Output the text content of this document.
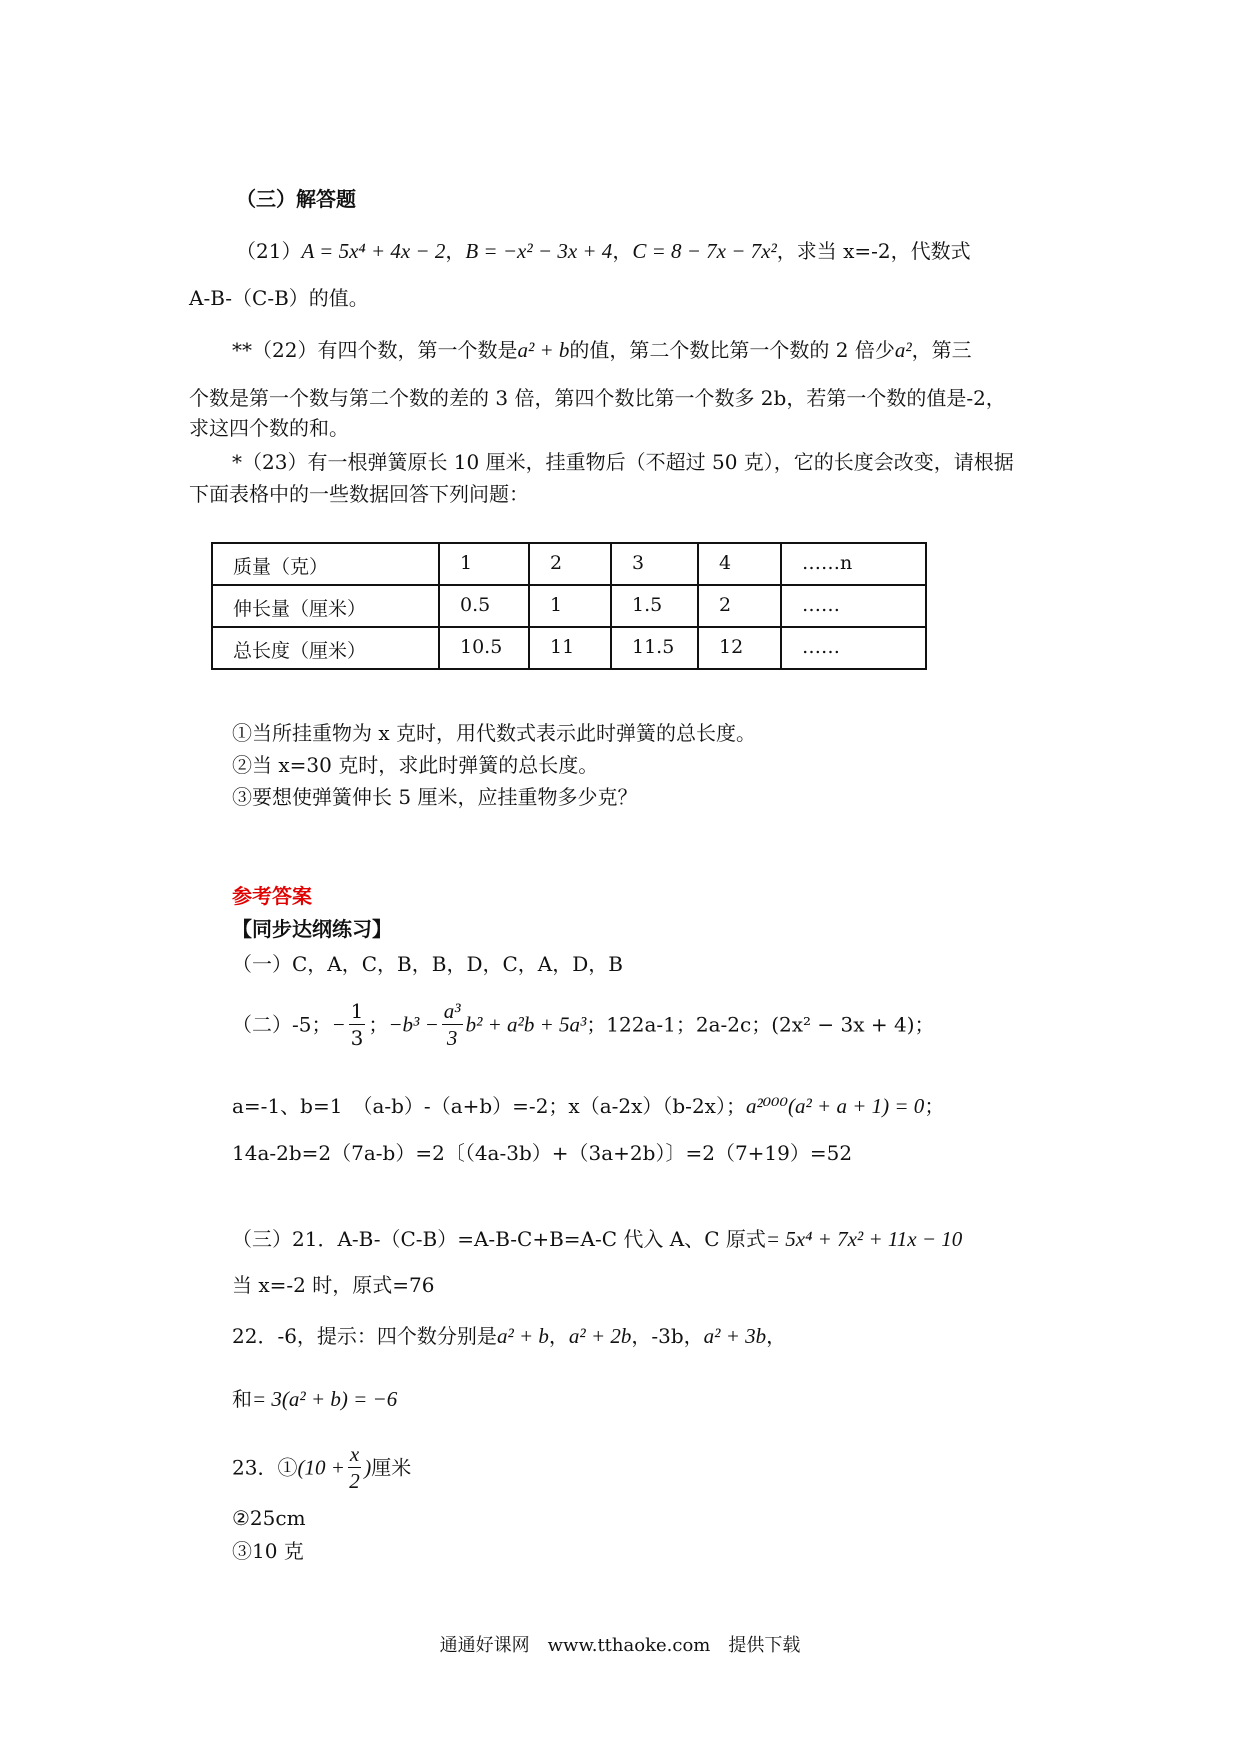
（三）解答题
（21）A = 5x⁴ + 4x − 2，B = −x² − 3x + 4，C = 8 − 7x − 7x²，求当 x=-2，代数式
A-B-（C-B）的值。
**（22）有四个数，第一个数是a² + b的值，第二个数比第一个数的 2 倍少a²，第三
个数是第一个数与第二个数的差的 3 倍，第四个数比第一个数多 2b，若第一个数的值是-2，
求这四个数的和。
*（23）有一根弹簧原长 10 厘米，挂重物后（不超过 50 克），它的长度会改变，请根据
下面表格中的一些数据回答下列问题：
质量（克）	1	2	3	4	……n
伸长量（厘米）	0.5	1	1.5	2	……
总长度（厘米）	10.5	11	11.5	12	……
①当所挂重物为 x 克时，用代数式表示此时弹簧的总长度。
②当 x=30 克时，求此时弹簧的总长度。
③要想使弹簧伸长 5 厘米，应挂重物多少克？
参考答案
【同步达纲练习】
（一）C，A，C，B，B，D，C，A，D，B
（二）-5；− $\frac{1}{3}$ ；$-b^3 - \frac{\text{a³}}{3} b^2 + a^2b + 5a^3$；122a-1；2a-2c；(2x² − 3x + 4)；
a=-1、b=1　（a-b）-（a+b）=-2；x（a-2x）（b-2x）；a²⁰⁰⁰(a² + a + 1) = 0；
14a-2b=2（7a-b）=2〔（4a-3b）+（3a+2b）〕=2（7+19）=52
（三）21．A-B-（C-B）=A-B-C+B=A-C 代入 A、C 原式= 5x⁴ + 7x² + 11x − 10
当 x=-2 时，原式=76
22．-6，提示：四个数分别是a² + b，a² + 2b，-3b，a² + 3b，
和= 3(a² + b) = −6
23．①(10 + $\frac{x}{2}$ )厘米
②25cm
③10 克
通通好课网　www.tthaoke.com　提供下载
